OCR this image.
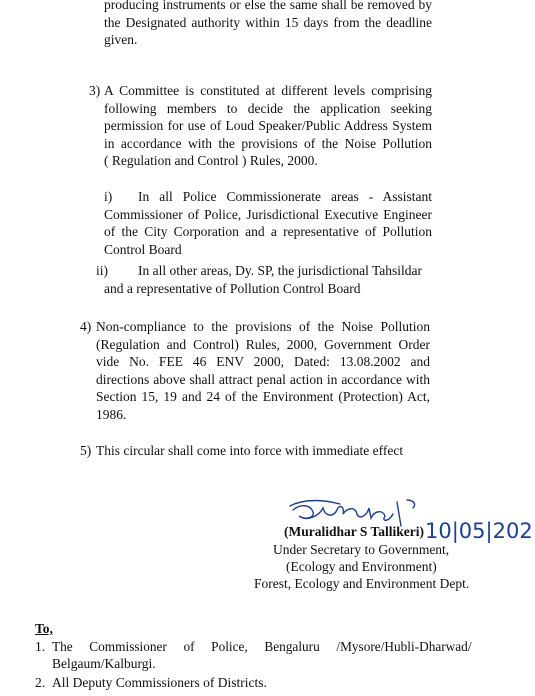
producing instruments or else the same shall be removed by

the Designated authority within 15 days from the deadline

given.

3) A Committee is constituted at different levels comprising

following members to decide the application seeking

permission for use of Loud Speaker/Public Address System

in accordance with the provisions of the Noise Pollution

( Regulation and Control ) Rules, 2000.

i) In all Police Commissionerate areas - Assistant

Commissioner of Police, Jurisdictional Executive Engineer

of the City Corporation and a representative of Pollution

Control Board

ii) In all other areas, Dy. SP, the jurisdictional Tahsildar
and a representative of Pollution Control Board
4) Non-compliance to the provisions of the Noise Pollution

(Regulation and Control) Rules, 2000, Government Order

vide No. FEE 46 ENV 2000, Dated: 13.08.2002 and

directions above shall attract penal action in accordance with

Section 15, 19 and 24 of the Environment (Protection) Act,

1986.

5) This circular shall come into force with immediate effect
10|05|202
(Muralidhar S Tallikeri)
Under Secretary to Government,
(Ecology and Environment)
Forest, Ecology and Environment Dept.
To,
1. The     Commissioner     of     Police,     Bengaluru     /Mysore/Hubli-Dharwad/
Belgaum/Kalburgi.
2. All Deputy Commissioners of Districts.
